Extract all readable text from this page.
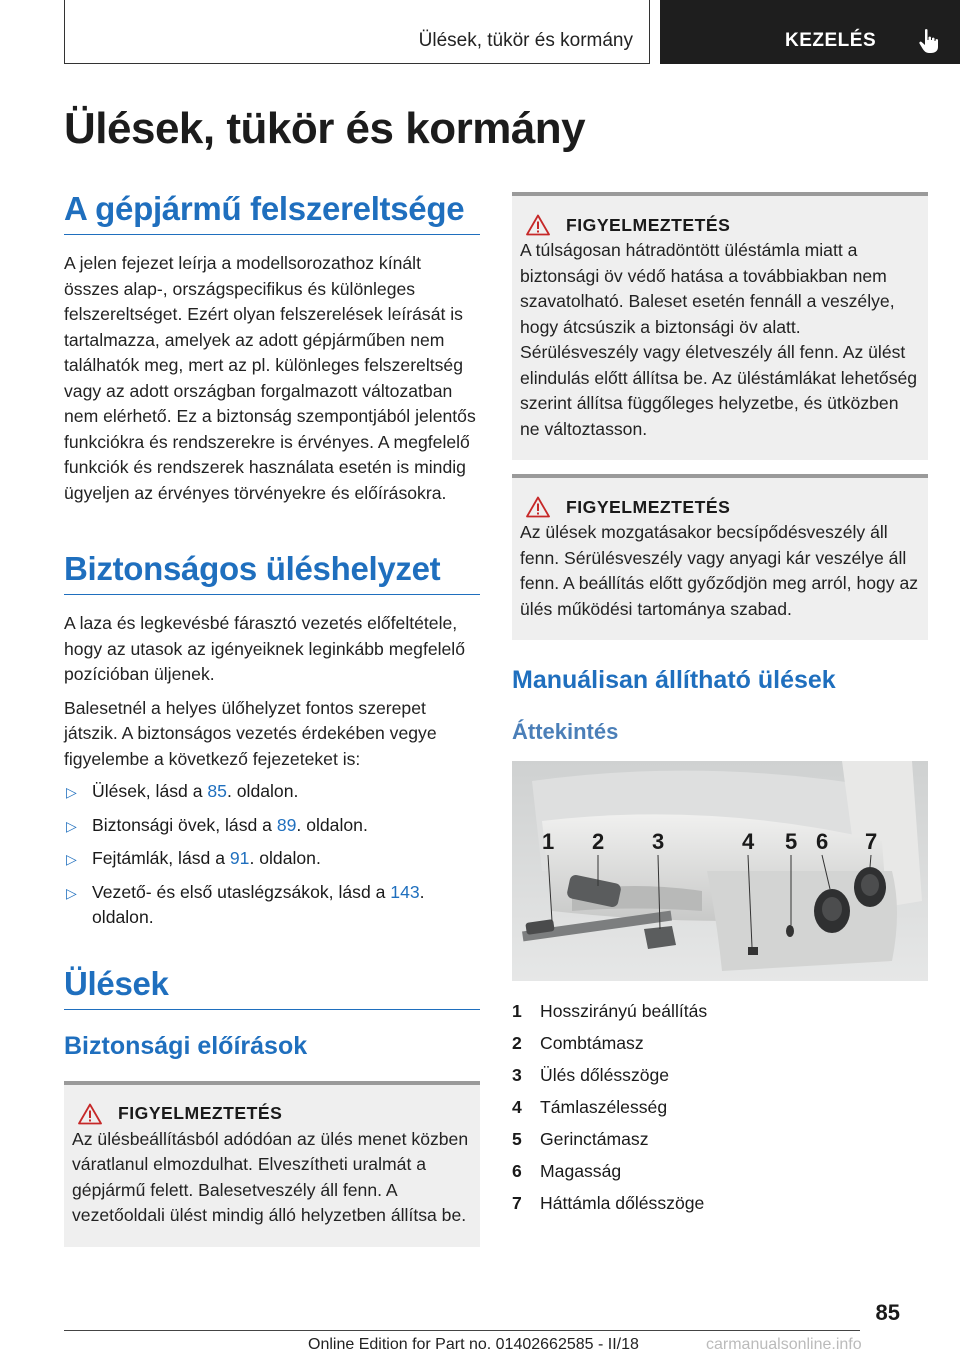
Ülések, tükör és kormány	KEZELÉS
Ülések, tükör és kormány
A gépjármű felszereltsége

A jelen fejezet leírja a modellsorozathoz kínált összes alap-, országspecifikus és különleges felszereltséget. Ezért olyan felszerelések leírását is tartalmazza, amelyek az adott gépjárműben nem találhatók meg, mert az pl. különleges felszereltség vagy az adott országban forgalmazott változatban nem elérhető. Ez a biztonság szempontjából jelentős funkciókra és rendszerekre is érvényes. A megfelelő funkciók és rendszerek használata esetén is mindig ügyeljen az érvényes törvényekre és előírásokra.

Biztonságos üléshelyzet

A laza és legkevésbé fárasztó vezetés előfeltétele, hogy az utasok az igényeiknek leginkább megfelelő pozícióban üljenek.

Balesetnél a helyes ülőhelyzet fontos szerepet játszik. A biztonságos vezetés érdekében vegye figyelembe a következő fejezeteket is:

▷ Ülések, lásd a 85. oldalon.
▷ Biztonsági övek, lásd a 89. oldalon.
▷ Fejtámlák, lásd a 91. oldalon.
▷ Vezető- és első utaslégzsákok, lásd a 143. oldalon.
Ülések
Biztonsági előírások
FIGYELMEZTETÉS

Az ülésbeállításból adódóan az ülés menet közben váratlanul elmozdulhat. Elveszítheti uralmát a gépjármű felett. Balesetveszély áll fenn. A vezetőoldali ülést mindig álló helyzetben állítsa be.

FIGYELMEZTETÉS

A túlságosan hátradöntött üléstámla miatt a biztonsági öv védő hatása a továbbiakban nem szavatolható. Baleset esetén fennáll a veszélye, hogy átcsúszik a biztonsági öv alatt. Sérülésveszély vagy életveszély áll fenn. Az ülést elindulás előtt állítsa be. Az üléstámlákat lehetőség szerint állítsa függőleges helyzetbe, és ütközben ne változtasson.

FIGYELMEZTETÉS

Az ülések mozgatásakor becsípődésveszély áll fenn. Sérülésveszély vagy anyagi kár veszélye áll fenn. A beállítás előtt győződjön meg arról, hogy az ülés működési tartománya szabad.

Manuálisan állítható ülések
Áttekintés
1 2 3	4 5 6 7
1	Hosszirányú beállítás
2	Combtámasz
3	Ülés dőlésszöge
4	Támlaszélesség
5	Gerinctámasz
6	Magasság
7	Háttámla dőlésszöge
85
Online Edition for Part no. 01402662585 - II/18	carmanualsonline.info
